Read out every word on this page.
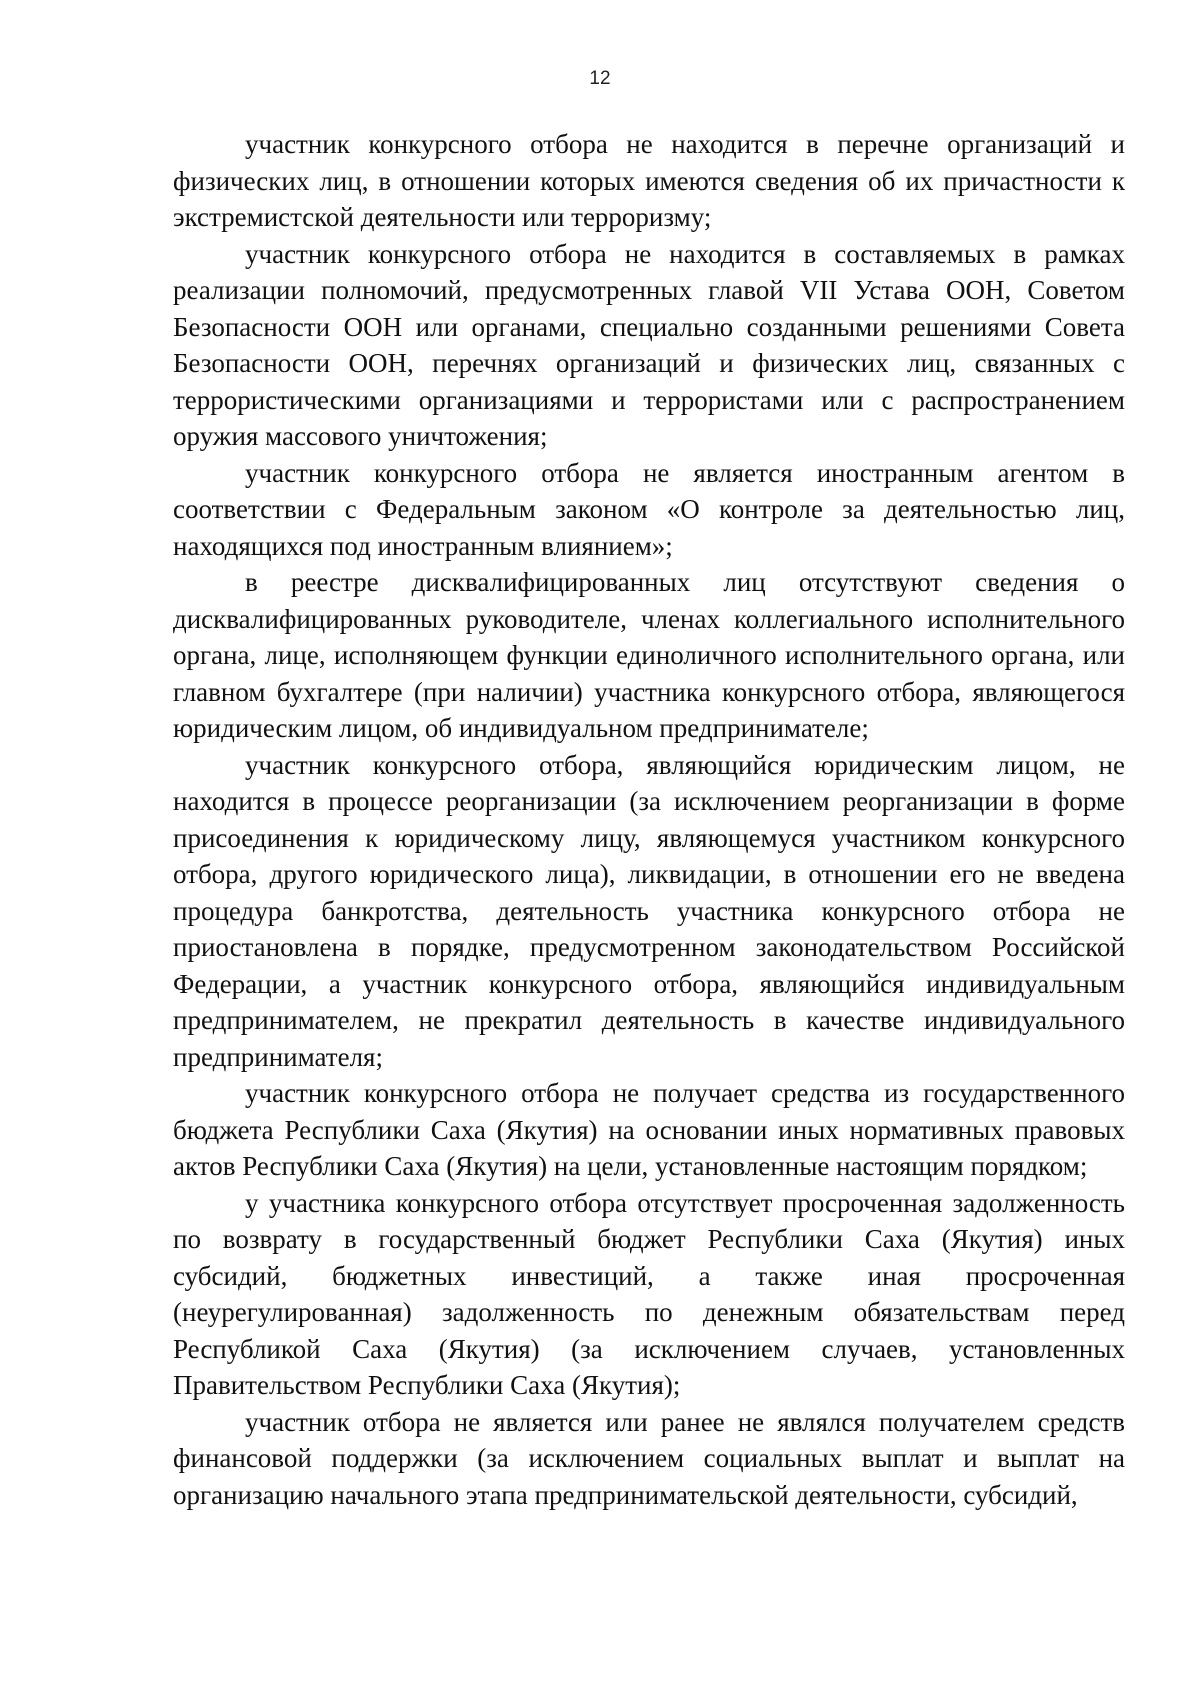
12

участник конкурсного отбора не находится в перечне организаций и физических лиц, в отношении которых имеются сведения об их причастности к экстремистской деятельности или терроризму;

участник конкурсного отбора не находится в составляемых в рамках реализации полномочий, предусмотренных главой VII Устава ООН, Советом Безопасности ООН или органами, специально созданными решениями Совета Безопасности ООН, перечнях организаций и физических лиц, связанных с террористическими организациями и террористами или с распространением оружия массового уничтожения;

участник конкурсного отбора не является иностранным агентом в соответствии с Федеральным законом «О контроле за деятельностью лиц, находящихся под иностранным влиянием»;

в реестре дисквалифицированных лиц отсутствуют сведения о дисквалифицированных руководителе, членах коллегиального исполнительного органа, лице, исполняющем функции единоличного исполнительного органа, или главном бухгалтере (при наличии) участника конкурсного отбора, являющегося юридическим лицом, об индивидуальном предпринимателе;

участник конкурсного отбора, являющийся юридическим лицом, не находится в процессе реорганизации (за исключением реорганизации в форме присоединения к юридическому лицу, являющемуся участником конкурсного отбора, другого юридического лица), ликвидации, в отношении его не введена процедура банкротства, деятельность участника конкурсного отбора не приостановлена в порядке, предусмотренном законодательством Российской Федерации, а участник конкурсного отбора, являющийся индивидуальным предпринимателем, не прекратил деятельность в качестве индивидуального предпринимателя;

участник конкурсного отбора не получает средства из государственного бюджета Республики Саха (Якутия) на основании иных нормативных правовых актов Республики Саха (Якутия) на цели, установленные настоящим порядком;

у участника конкурсного отбора отсутствует просроченная задолженность по возврату в государственный бюджет Республики Саха (Якутия) иных субсидий, бюджетных инвестиций, а также иная просроченная (неурегулированная) задолженность по денежным обязательствам перед Республикой Саха (Якутия) (за исключением случаев, установленных Правительством Республики Саха (Якутия);

участник отбора не является или ранее не являлся получателем средств финансовой поддержки (за исключением социальных выплат и выплат на организацию начального этапа предпринимательской деятельности, субсидий,
